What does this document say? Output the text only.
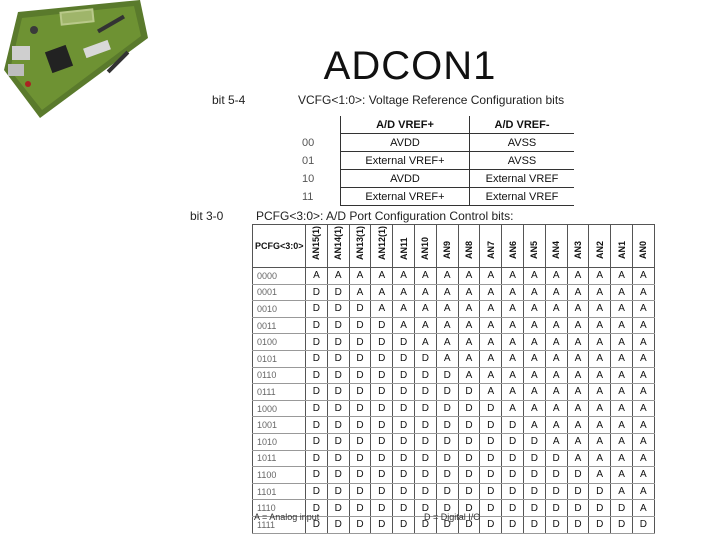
ADCON1
bit 5-4	VCFG<1:0>: Voltage Reference Configuration bits
	A/D VREF+	A/D VREF-
00	AVDD	AVSS
01	External VREF+	AVSS
10	AVDD	External VREF
11	External VREF+	External VREF
bit 3-0	PCFG<3:0>: A/D Port Configuration Control bits:
PCFG<3:0>	AN15(1)	AN14(1)	AN13(1)	AN12(1)	AN11	AN10	AN9	AN8	AN7	AN6	AN5	AN4	AN3	AN2	AN1	AN0
0000	A	A	A	A	A	A	A	A	A	A	A	A	A	A	A	A
0001	D	D	A	A	A	A	A	A	A	A	A	A	A	A	A	A
0010	D	D	D	A	A	A	A	A	A	A	A	A	A	A	A	A
0011	D	D	D	D	A	A	A	A	A	A	A	A	A	A	A	A
0100	D	D	D	D	D	A	A	A	A	A	A	A	A	A	A	A
0101	D	D	D	D	D	D	A	A	A	A	A	A	A	A	A	A
0110	D	D	D	D	D	D	D	A	A	A	A	A	A	A	A	A
0111	D	D	D	D	D	D	D	D	A	A	A	A	A	A	A	A
1000	D	D	D	D	D	D	D	D	D	A	A	A	A	A	A	A
1001	D	D	D	D	D	D	D	D	D	D	A	A	A	A	A	A
1010	D	D	D	D	D	D	D	D	D	D	D	A	A	A	A	A
1011	D	D	D	D	D	D	D	D	D	D	D	D	A	A	A	A
1100	D	D	D	D	D	D	D	D	D	D	D	D	D	A	A	A
1101	D	D	D	D	D	D	D	D	D	D	D	D	D	D	A	A
1110	D	D	D	D	D	D	D	D	D	D	D	D	D	D	D	A
1111	D	D	D	D	D	D	D	D	D	D	D	D	D	D	D	D
A = Analog input	D = Digital I/O
